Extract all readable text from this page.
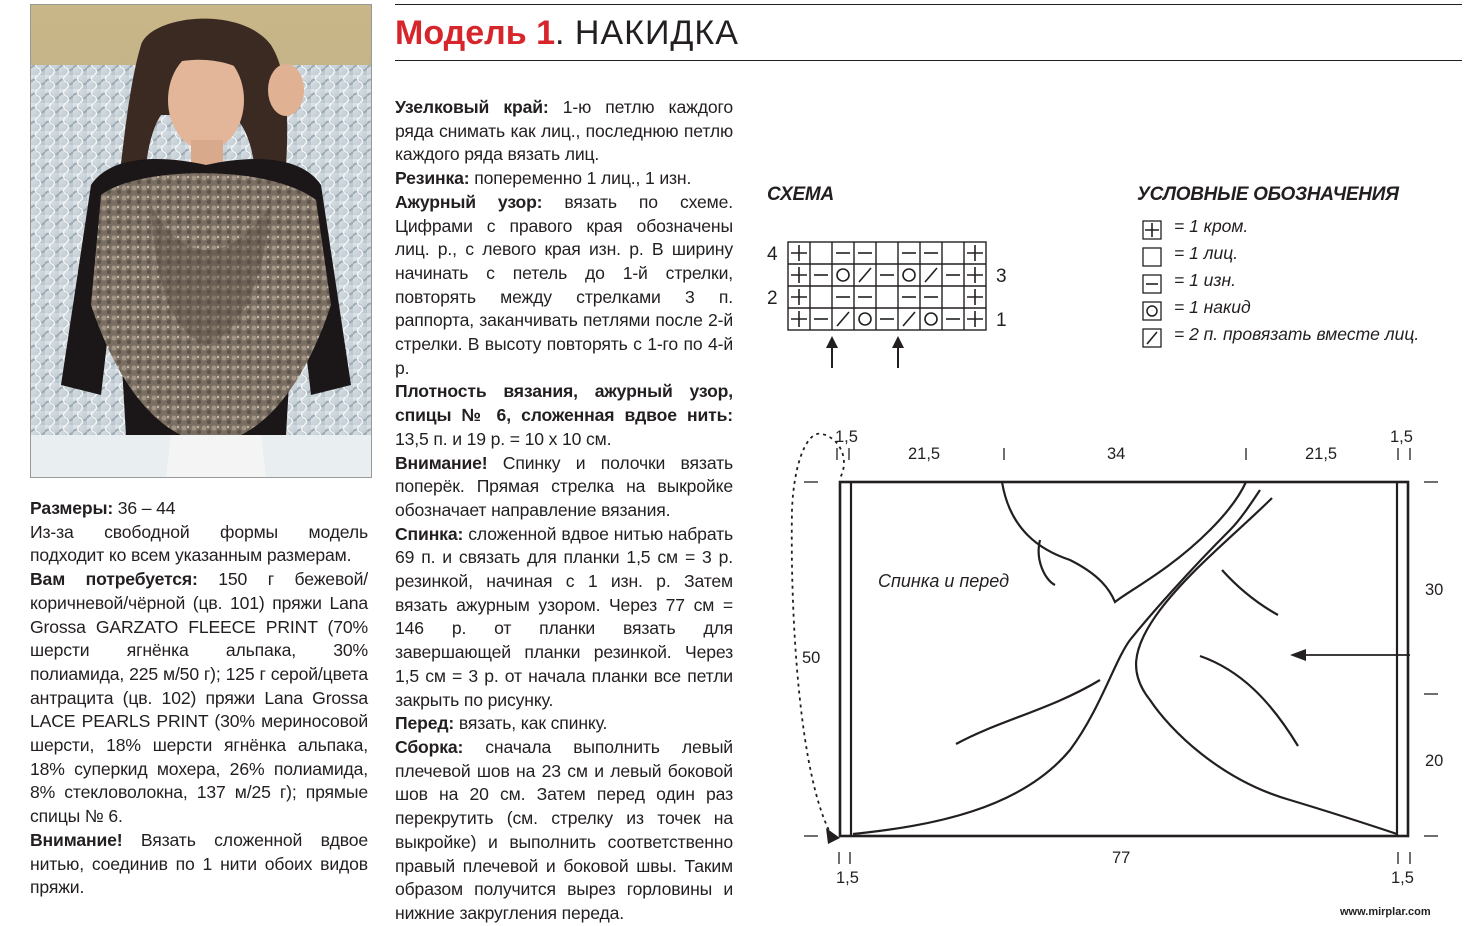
Модель 1. НАКИДКА

Размеры: 36 – 44

Из-за свободной формы модель подходит ко всем указанным размерам.

Вам потребуется: 150 г бежевой/коричневой/чёрной (цв. 101) пряжи Lana Grossa GARZATO FLEECE PRINT (70% шерсти ягнёнка альпака, 30% полиамида, 225 м/50 г); 125 г серой/цвета антрацита (цв. 102) пряжи Lana Grossa LACE PEARLS PRINT (30% мериносовой шерсти, 18% шерсти ягнёнка альпака, 18% суперкид мохера, 26% полиамида, 8% стекловолокна, 137 м/25 г); прямые спицы № 6.

Внимание! Вязать сложенной вдвое нитью, соединив по 1 нити обоих видов пряжи.

Узелковый край: 1-ю петлю каждого ряда снимать как лиц., последнюю петлю каждого ряда вязать лиц.

Резинка: попеременно 1 лиц., 1 изн.

Ажурный узор: вязать по схеме. Цифрами с правого края обозначены лиц. р., с левого края изн. р. В ширину начинать с петель до 1-й стрелки, повторять между стрелками 3 п. раппорта, заканчивать петлями после 2-й стрелки. В высоту повторять с 1-го по 4-й р.

Плотность вязания, ажурный узор, спицы № 6, сложенная вдвое нить: 13,5 п. и 19 р. = 10 х 10 см.

Внимание! Спинку и полочки вязать поперёк. Прямая стрелка на выкройке обозначает направление вязания.

Спинка: сложенной вдвое нитью набрать 69 п. и связать для планки 1,5 см = 3 р. резинкой, начиная с 1 изн. р. Затем вязать ажурным узором. Через 77 см = 146 р. от планки вязать для завершающей планки резинкой. Через 1,5 см = 3 р. от начала планки все петли закрыть по рисунку.

Перед: вязать, как спинку.

Сборка: сначала выполнить левый плечевой шов на 23 см и левый боковой шов на 20 см. Затем перед один раз перекрутить (см. стрелку из точек на выкройке) и выполнить соответственно правый плечевой и боковой швы. Таким образом получится вырез горловины и нижние закругления переда.

СХЕМА
4
2
3
1
УСЛОВНЫЕ ОБОЗНАЧЕНИЯ
= 1 кром.
= 1 лиц.
= 1 изн.
= 1 накид
= 2 п. провязать вместе лиц.
Спинка и перед
1,5
21,5	34	21,5
1,5
50
30
20
77
1,5	1,5
www.mirplar.com
